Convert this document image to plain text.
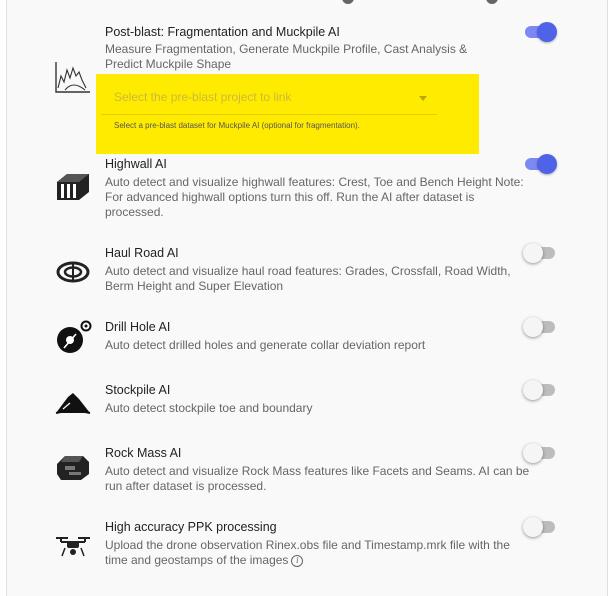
Post-blast: Fragmentation and Muckpile AI
Measure Fragmentation, Generate Muckpile Profile, Cast Analysis & Predict Muckpile Shape
Select the pre-blast project to link
Select a pre-blast dataset for Muckpile AI (optional for fragmentation).
Highwall AI
Auto detect and visualize highwall features: Crest, Toe and Bench Height Note: For advanced highwall options turn this off. Run the AI after dataset is processed.
Haul Road AI
Auto detect and visualize haul road features: Grades, Crossfall, Road Width, Berm Height and Super Elevation
Drill Hole AI
Auto detect drilled holes and generate collar deviation report
Stockpile AI
Auto detect stockpile toe and boundary
Rock Mass AI
Auto detect and visualize Rock Mass features like Facets and Seams. AI can be run after dataset is processed.
High accuracy PPK processing
Upload the drone observation Rinex.obs file and Timestamp.mrk file with the time and geostamps of the images i
